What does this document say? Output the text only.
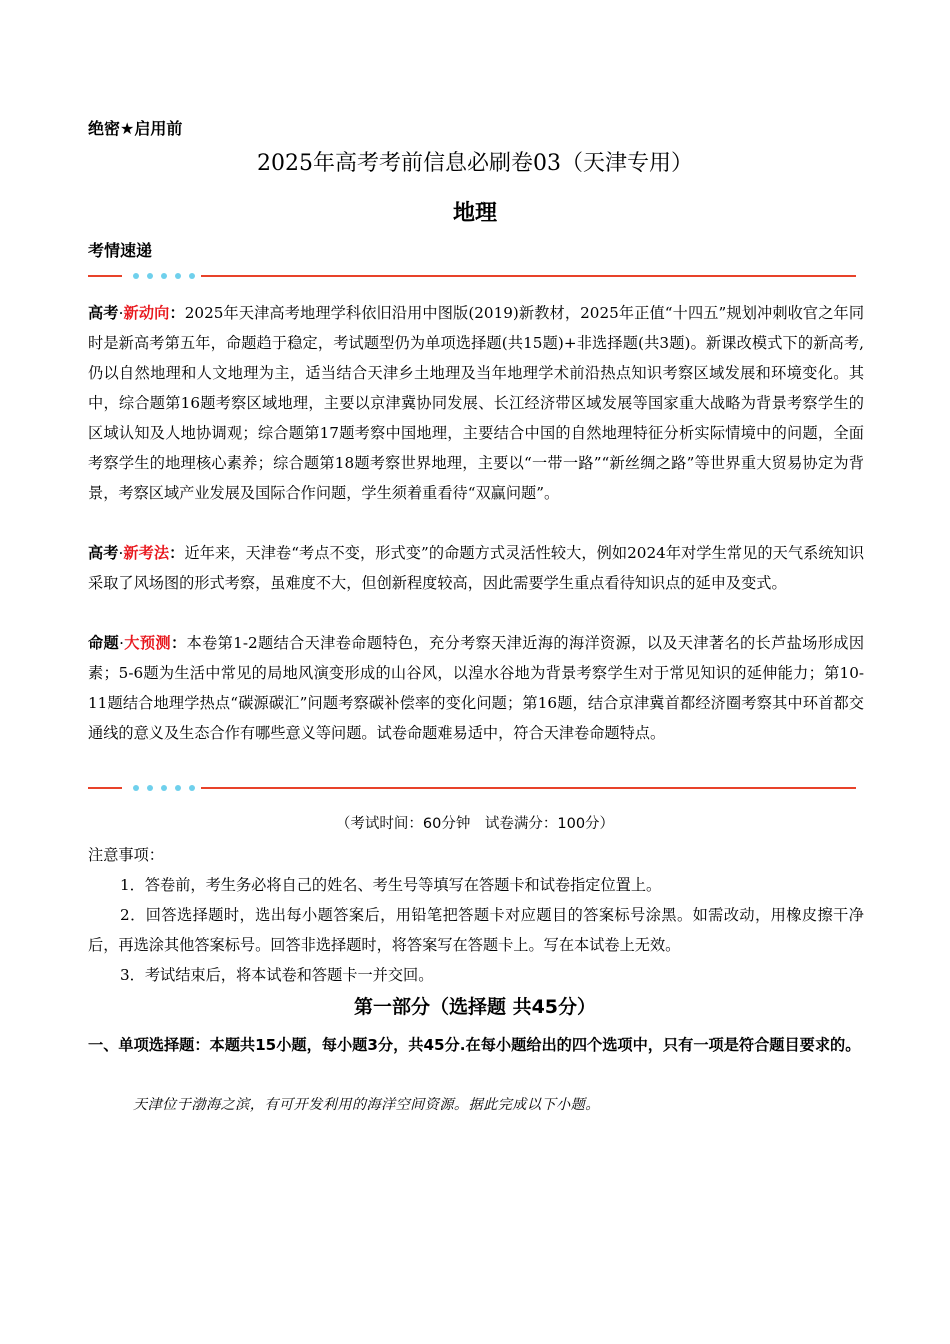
绝密★启用前
2025年高考考前信息必刷卷03（天津专用）
地理
考情速递
高考·新动向：2025年天津高考地理学科依旧沿用中图版(2019)新教材，2025年正值“十四五”规划冲刺收官之年同时是新高考第五年，命题趋于稳定，考试题型仍为单项选择题(共15题)+非选择题(共3题)。新课改模式下的新高考,仍以自然地理和人文地理为主，适当结合天津乡土地理及当年地理学术前沿热点知识考察区域发展和环境变化。其中，综合题第16题考察区域地理，主要以京津冀协同发展、长江经济带区域发展等国家重大战略为背景考察学生的区域认知及人地协调观；综合题第17题考察中国地理，主要结合中国的自然地理特征分析实际情境中的问题，全面考察学生的地理核心素养；综合题第18题考察世界地理，主要以“一带一路”“新丝绸之路”等世界重大贸易协定为背景，考察区域产业发展及国际合作问题，学生须着重看待“双赢问题”。
高考·新考法：近年来，天津卷“考点不变，形式变”的命题方式灵活性较大，例如2024年对学生常见的天气系统知识采取了风场图的形式考察，虽难度不大，但创新程度较高，因此需要学生重点看待知识点的延申及变式。
命题·大预测：本卷第1-2题结合天津卷命题特色，充分考察天津近海的海洋资源，以及天津著名的长芦盐场形成因素；5-6题为生活中常见的局地风演变形成的山谷风，以湟水谷地为背景考察学生对于常见知识的延伸能力；第10-11题结合地理学热点“碳源碳汇”问题考察碳补偿率的变化问题；第16题，结合京津冀首都经济圈考察其中环首都交通线的意义及生态合作有哪些意义等问题。试卷命题难易适中，符合天津卷命题特点。
（考试时间：60分钟　试卷满分：100分）
注意事项：
1．答卷前，考生务必将自己的姓名、考生号等填写在答题卡和试卷指定位置上。
2．回答选择题时，选出每小题答案后，用铅笔把答题卡对应题目的答案标号涂黑。如需改动，用橡皮擦干净后，再选涂其他答案标号。回答非选择题时，将答案写在答题卡上。写在本试卷上无效。
3．考试结束后，将本试卷和答题卡一并交回。
第一部分（选择题 共45分）
一、单项选择题：本题共15小题，每小题3分，共45分.在每小题给出的四个选项中，只有一项是符合题目要求的。
天津位于渤海之滨，有可开发利用的海洋空间资源。据此完成以下小题。
